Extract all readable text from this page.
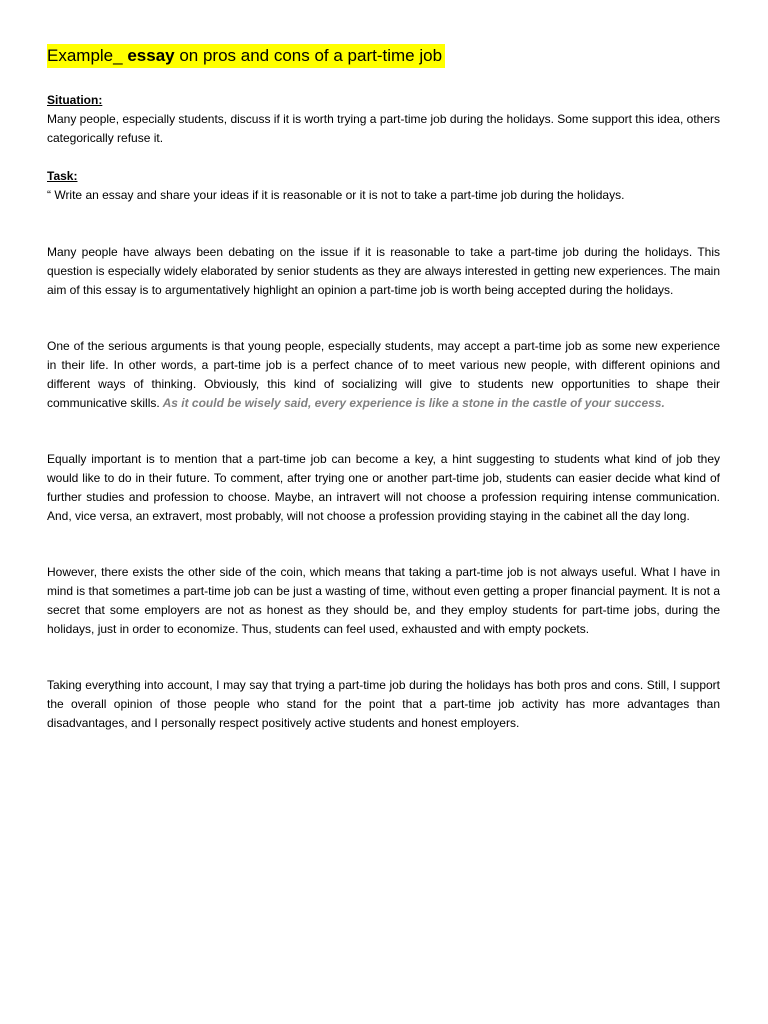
Example_ essay on pros and cons of a part-time job
Situation:

Many people, especially students, discuss if it is worth trying a part-time job during the holidays. Some support this idea, others categorically refuse it.

Task:

“ Write an essay and share your ideas if it is reasonable or it is not to take a part-time job during the holidays.

Many people have always been debating on the issue if it is reasonable to take a part-time job during the holidays. This question is especially widely elaborated by senior students as they are always interested in getting new experiences. The main aim of this essay is to argumentatively highlight an opinion a part-time job is worth being accepted during the holidays.

One of the serious arguments is that young people, especially students, may accept a part-time job as some new experience in their life. In other words, a part-time job is a perfect chance of to meet various new people, with different opinions and different ways of thinking. Obviously, this kind of socializing will give to students new opportunities to shape their communicative skills. As it could be wisely said, every experience is like a stone in the castle of your success.

Equally important is to mention that a part-time job can become a key, a hint suggesting to students what kind of job they would like to do in their future. To comment, after trying one or another part-time job, students can easier decide what kind of further studies and profession to choose. Maybe, an intravert will not choose a profession requiring intense communication. And, vice versa, an extravert, most probably, will not choose a profession providing staying in the cabinet all the day long.

However, there exists the other side of the coin, which means that taking a part-time job is not always useful. What I have in mind is that sometimes a part-time job can be just a wasting of time, without even getting a proper financial payment. It is not a secret that some employers are not as honest as they should be, and they employ students for part-time jobs, during the holidays, just in order to economize. Thus, students can feel used, exhausted and with empty pockets.

Taking everything into account, I may say that trying a part-time job during the holidays has both pros and cons. Still, I support the overall opinion of those people who stand for the point that a part-time job activity has more advantages than disadvantages, and I personally respect positively active students and honest employers.
